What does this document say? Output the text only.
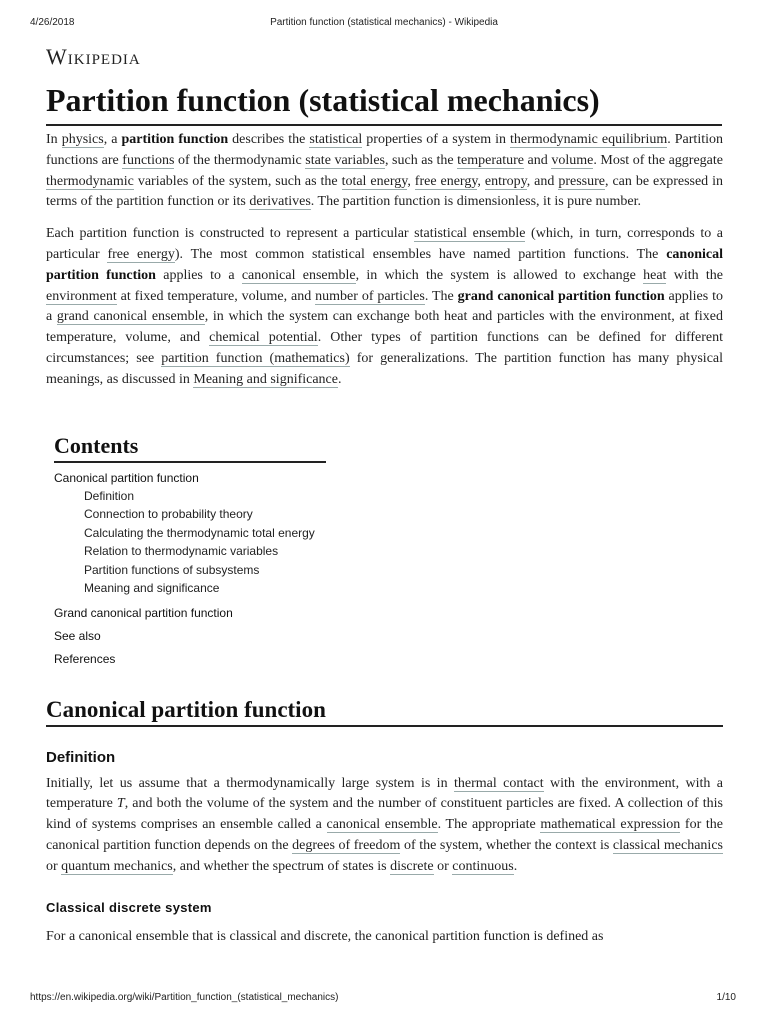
4/26/2018	Partition function (statistical mechanics) - Wikipedia
Wikipedia
Partition function (statistical mechanics)

In physics, a partition function describes the statistical properties of a system in thermodynamic equilibrium. Partition functions are functions of the thermodynamic state variables, such as the temperature and volume. Most of the aggregate thermodynamic variables of the system, such as the total energy, free energy, entropy, and pressure, can be expressed in terms of the partition function or its derivatives. The partition function is dimensionless, it is pure number.

Each partition function is constructed to represent a particular statistical ensemble (which, in turn, corresponds to a particular free energy). The most common statistical ensembles have named partition functions. The canonical partition function applies to a canonical ensemble, in which the system is allowed to exchange heat with the environment at fixed temperature, volume, and number of particles. The grand canonical partition function applies to a grand canonical ensemble, in which the system can exchange both heat and particles with the environment, at fixed temperature, volume, and chemical potential. Other types of partition functions can be defined for different circumstances; see partition function (mathematics) for generalizations. The partition function has many physical meanings, as discussed in Meaning and significance.

Contents
Canonical partition function
Definition
Connection to probability theory
Calculating the thermodynamic total energy
Relation to thermodynamic variables
Partition functions of subsystems
Meaning and significance
Grand canonical partition function
See also
References
Canonical partition function
Definition

Initially, let us assume that a thermodynamically large system is in thermal contact with the environment, with a temperature T, and both the volume of the system and the number of constituent particles are fixed. A collection of this kind of systems comprises an ensemble called a canonical ensemble. The appropriate mathematical expression for the canonical partition function depends on the degrees of freedom of the system, whether the context is classical mechanics or quantum mechanics, and whether the spectrum of states is discrete or continuous.

Classical discrete system

For a canonical ensemble that is classical and discrete, the canonical partition function is defined as

https://en.wikipedia.org/wiki/Partition_function_(statistical_mechanics)	1/10
